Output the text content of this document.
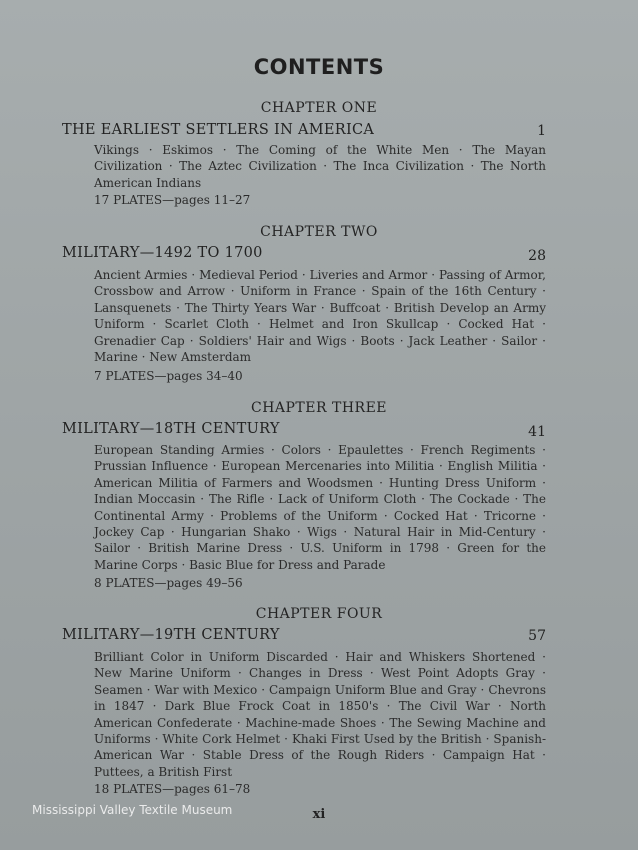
CONTENTS
CHAPTER ONE
THE EARLIEST SETTLERS IN AMERICA	1
Vikings · Eskimos · The Coming of the White Men · The Mayan Civilization · The Aztec Civilization · The Inca Civilization · The North American Indians
17 PLATES—pages 11–27
CHAPTER TWO
MILITARY—1492 TO 1700	28
Ancient Armies · Medieval Period · Liveries and Armor · Passing of Armor, Crossbow and Arrow · Uniform in France · Spain of the 16th Century · Lansquenets · The Thirty Years War · Buffcoat · British Develop an Army Uniform · Scarlet Cloth · Helmet and Iron Skullcap · Cocked Hat · Grenadier Cap · Soldiers' Hair and Wigs · Boots · Jack Leather · Sailor · Marine · New Amsterdam
7 PLATES—pages 34–40
CHAPTER THREE
MILITARY—18TH CENTURY	41
European Standing Armies · Colors · Epaulettes · French Regiments · Prussian Influence · European Mercenaries into Militia · English Militia · American Militia of Farmers and Woodsmen · Hunting Dress Uniform · Indian Moccasin · The Rifle · Lack of Uniform Cloth · The Cockade · The Continental Army · Problems of the Uniform · Cocked Hat · Tricorne · Jockey Cap · Hungarian Shako · Wigs · Natural Hair in Mid-Century · Sailor · British Marine Dress · U.S. Uniform in 1798 · Green for the Marine Corps · Basic Blue for Dress and Parade
8 PLATES—pages 49–56
CHAPTER FOUR
MILITARY—19TH CENTURY	57
Brilliant Color in Uniform Discarded · Hair and Whiskers Shortened · New Marine Uniform · Changes in Dress · West Point Adopts Gray · Seamen · War with Mexico · Campaign Uniform Blue and Gray · Chevrons in 1847 · Dark Blue Frock Coat in 1850's · The Civil War · North American Confederate · Machine-made Shoes · The Sewing Machine and Uniforms · White Cork Helmet · Khaki First Used by the British · Spanish-American War · Stable Dress of the Rough Riders · Campaign Hat · Puttees, a British First
18 PLATES—pages 61–78
xi
Mississippi Valley Textile Museum
